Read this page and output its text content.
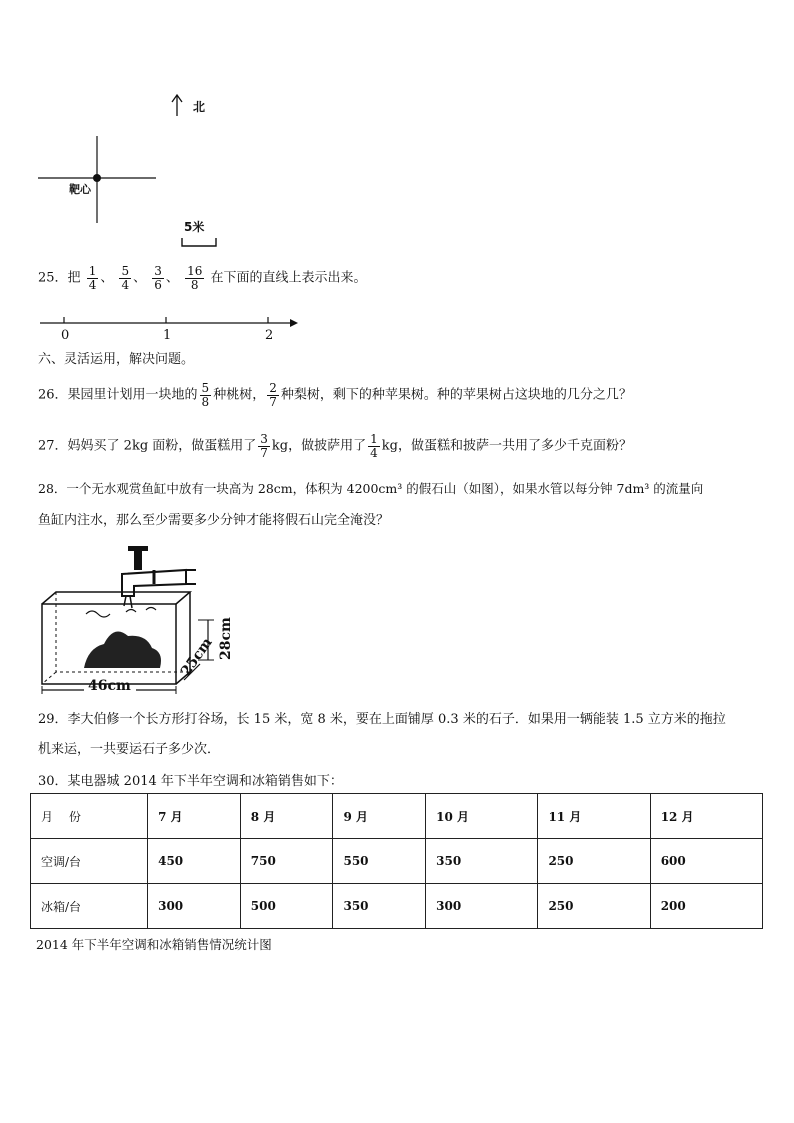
北
靶心
5米
25．把 $\frac{1}{4}$ 、 $\frac{5}{4}$ 、 $\frac{3}{6}$ 、 $\frac{16}{8}$ 在下面的直线上表示出来。
0	1	2
六、灵活运用，解决问题。
26．果园里计划用一块地的 $\frac{5}{8}$ 种桃树， $\frac{2}{7}$ 种梨树，剩下的种苹果树。种的苹果树占这块地的几分之几？
27．妈妈买了 2kg 面粉，做蛋糕用了 $\frac{3}{7}$ kg，做披萨用了 $\frac{1}{4}$ kg，做蛋糕和披萨一共用了多少千克面粉？
28．一个无水观赏鱼缸中放有一块高为 28cm，体积为 4200cm³ 的假石山（如图），如果水管以每分钟 7dm³ 的流量向
鱼缸内注水，那么至少需要多少分钟才能将假石山完全淹没？
46cm
25cm 28cm
29．李大伯修一个长方形打谷场，长 15 米，宽 8 米，要在上面铺厚 0.3 米的石子．如果用一辆能装 1.5 立方米的拖拉
机来运，一共要运石子多少次．
30．某电器城 2014 年下半年空调和冰箱销售如下：
月　 份	7 月	8 月	9 月	10 月	11 月	12 月
空调/台	450	750	550	350	250	600
冰箱/台	300	500	350	300	250	200
2014 年下半年空调和冰箱销售情况统计图
